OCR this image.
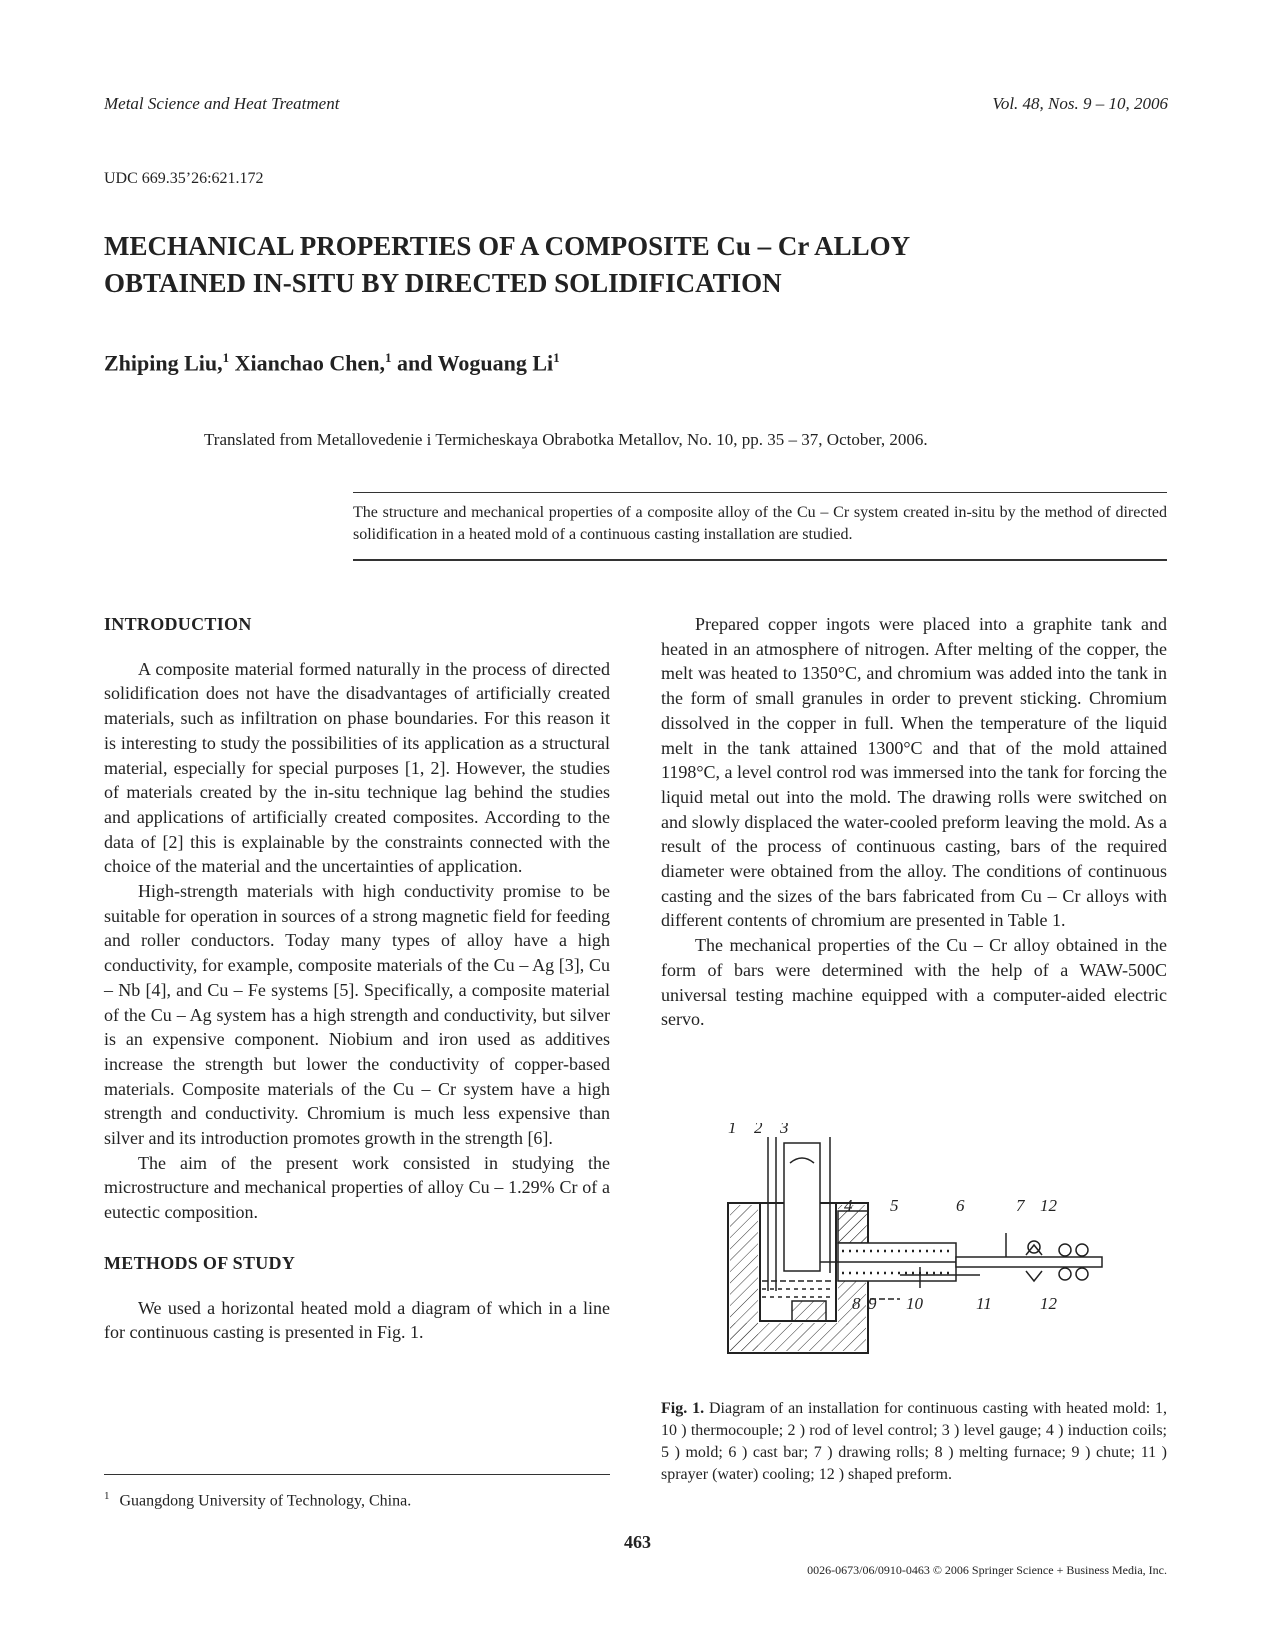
Metal Science and Heat Treatment	Vol. 48, Nos. 9 – 10, 2006
UDC 669.35’26:621.172
MECHANICAL PROPERTIES OF A COMPOSITE Cu – Cr ALLOY
OBTAINED IN-SITU BY DIRECTED SOLIDIFICATION
Zhiping Liu,$^1$ Xianchao Chen,$^1$ and Woguang Li$^1$
Translated from Metallovedenie i Termicheskaya Obrabotka Metallov, No. 10, pp. 35 – 37, October, 2006.
The structure and mechanical properties of a composite alloy of the Cu – Cr system created in-situ by the method of directed solidification in a heated mold of a continuous casting installation are studied.

INTRODUCTION

A composite material formed naturally in the process of directed solidification does not have the disadvantages of artificially created materials, such as infiltration on phase boundaries. For this reason it is interesting to study the possibilities of its application as a structural material, especially for special purposes [1, 2]. However, the studies of materials created by the in-situ technique lag behind the studies and applications of artificially created composites. According to the data of [2] this is explainable by the constraints connected with the choice of the material and the uncertainties of application.

High-strength materials with high conductivity promise to be suitable for operation in sources of a strong magnetic field for feeding and roller conductors. Today many types of alloy have a high conductivity, for example, composite materials of the Cu – Ag [3], Cu – Nb [4], and Cu – Fe systems [5]. Specifically, a composite material of the Cu – Ag system has a high strength and conductivity, but silver is an expensive component. Niobium and iron used as additives increase the strength but lower the conductivity of copper-based materials. Composite materials of the Cu – Cr system have a high strength and conductivity. Chromium is much less expensive than silver and its introduction promotes growth in the strength [6].

The aim of the present work consisted in studying the microstructure and mechanical properties of alloy Cu – 1.29% Cr of a eutectic composition.

METHODS OF STUDY

We used a horizontal heated mold a diagram of which in a line for continuous casting is presented in Fig. 1.

Prepared copper ingots were placed into a graphite tank and heated in an atmosphere of nitrogen. After melting of the copper, the melt was heated to 1350°C, and chromium was added into the tank in the form of small granules in order to prevent sticking. Chromium dissolved in the copper in full. When the temperature of the liquid melt in the tank attained 1300°C and that of the mold attained 1198°C, a level control rod was immersed into the tank for forcing the liquid metal out into the mold. The drawing rolls were switched on and slowly displaced the water-cooled preform leaving the mold. As a result of the process of continuous casting, bars of the required diameter were obtained from the alloy. The conditions of continuous casting and the sizes of the bars fabricated from Cu – Cr alloys with different contents of chromium are presented in Table 1.

The mechanical properties of the Cu – Cr alloy obtained in the form of bars were determined with the help of a WAW-500C universal testing machine equipped with a computer-aided electric servo.

1 2 3
4 5	6	7 12
8 9 10	11	12
Fig. 1. Diagram of an installation for continuous casting with heated mold: 1, 10 ) thermocouple; 2 ) rod of level control; 3 ) level gauge; 4 ) induction coils; 5 ) mold; 6 ) cast bar; 7 ) drawing rolls; 8 ) melting furnace; 9 ) chute; 11 ) sprayer (water) cooling; 12 ) shaped preform.
$^1$ Guangdong University of Technology, China.
463
0026-0673/06/0910-0463 © 2006 Springer Science + Business Media, Inc.
